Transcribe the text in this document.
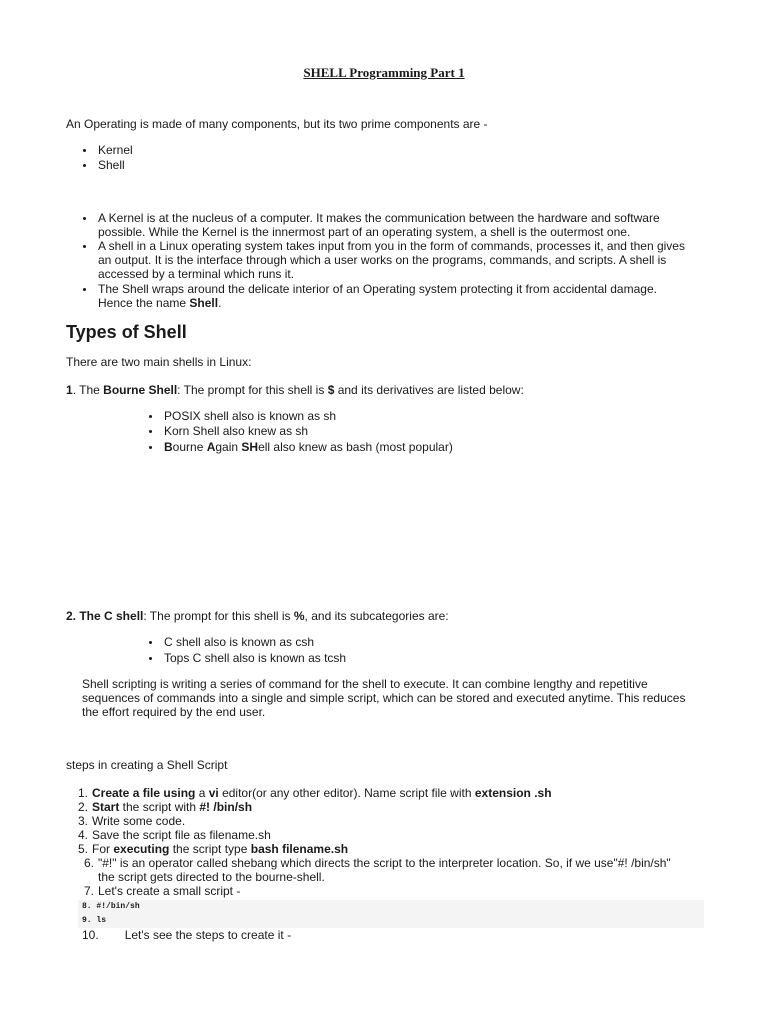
SHELL Programming Part 1

An Operating is made of many components, but its two prime components are -

Kernel
Shell
A Kernel is at the nucleus of a computer. It makes the communication between the hardware and software
possible. While the Kernel is the innermost part of an operating system, a shell is the outermost one.
A shell in a Linux operating system takes input from you in the form of commands, processes it, and then gives
an output. It is the interface through which a user works on the programs, commands, and scripts. A shell is
accessed by a terminal which runs it.
The Shell wraps around the delicate interior of an Operating system protecting it from accidental damage.
Hence the name Shell.
Types of Shell

There are two main shells in Linux:

1. The Bourne Shell: The prompt for this shell is $ and its derivatives are listed below:

POSIX shell also is known as sh
Korn Shell also knew as sh
Bourne Again SHell also knew as bash (most popular)

2. The C shell: The prompt for this shell is %, and its subcategories are:

C shell also is known as csh
Tops C shell also is known as tcsh

Shell scripting is writing a series of command for the shell to execute. It can combine lengthy and repetitive
sequences of commands into a single and simple script, which can be stored and executed anytime. This reduces
the effort required by the end user.

steps in creating a Shell Script

1. Create a file using a vi editor(or any other editor). Name script file with extension .sh
2. Start the script with #! /bin/sh
3. Write some code.
4. Save the script file as filename.sh
5. For executing the script type bash filename.sh
6. "#!" is an operator called shebang which directs the script to the interpreter location. So, if we use"#! /bin/sh"
the script gets directed to the bourne-shell.
7. Let's create a small script -
8. #!/bin/sh
9. ls
10. Let's see the steps to create it -
